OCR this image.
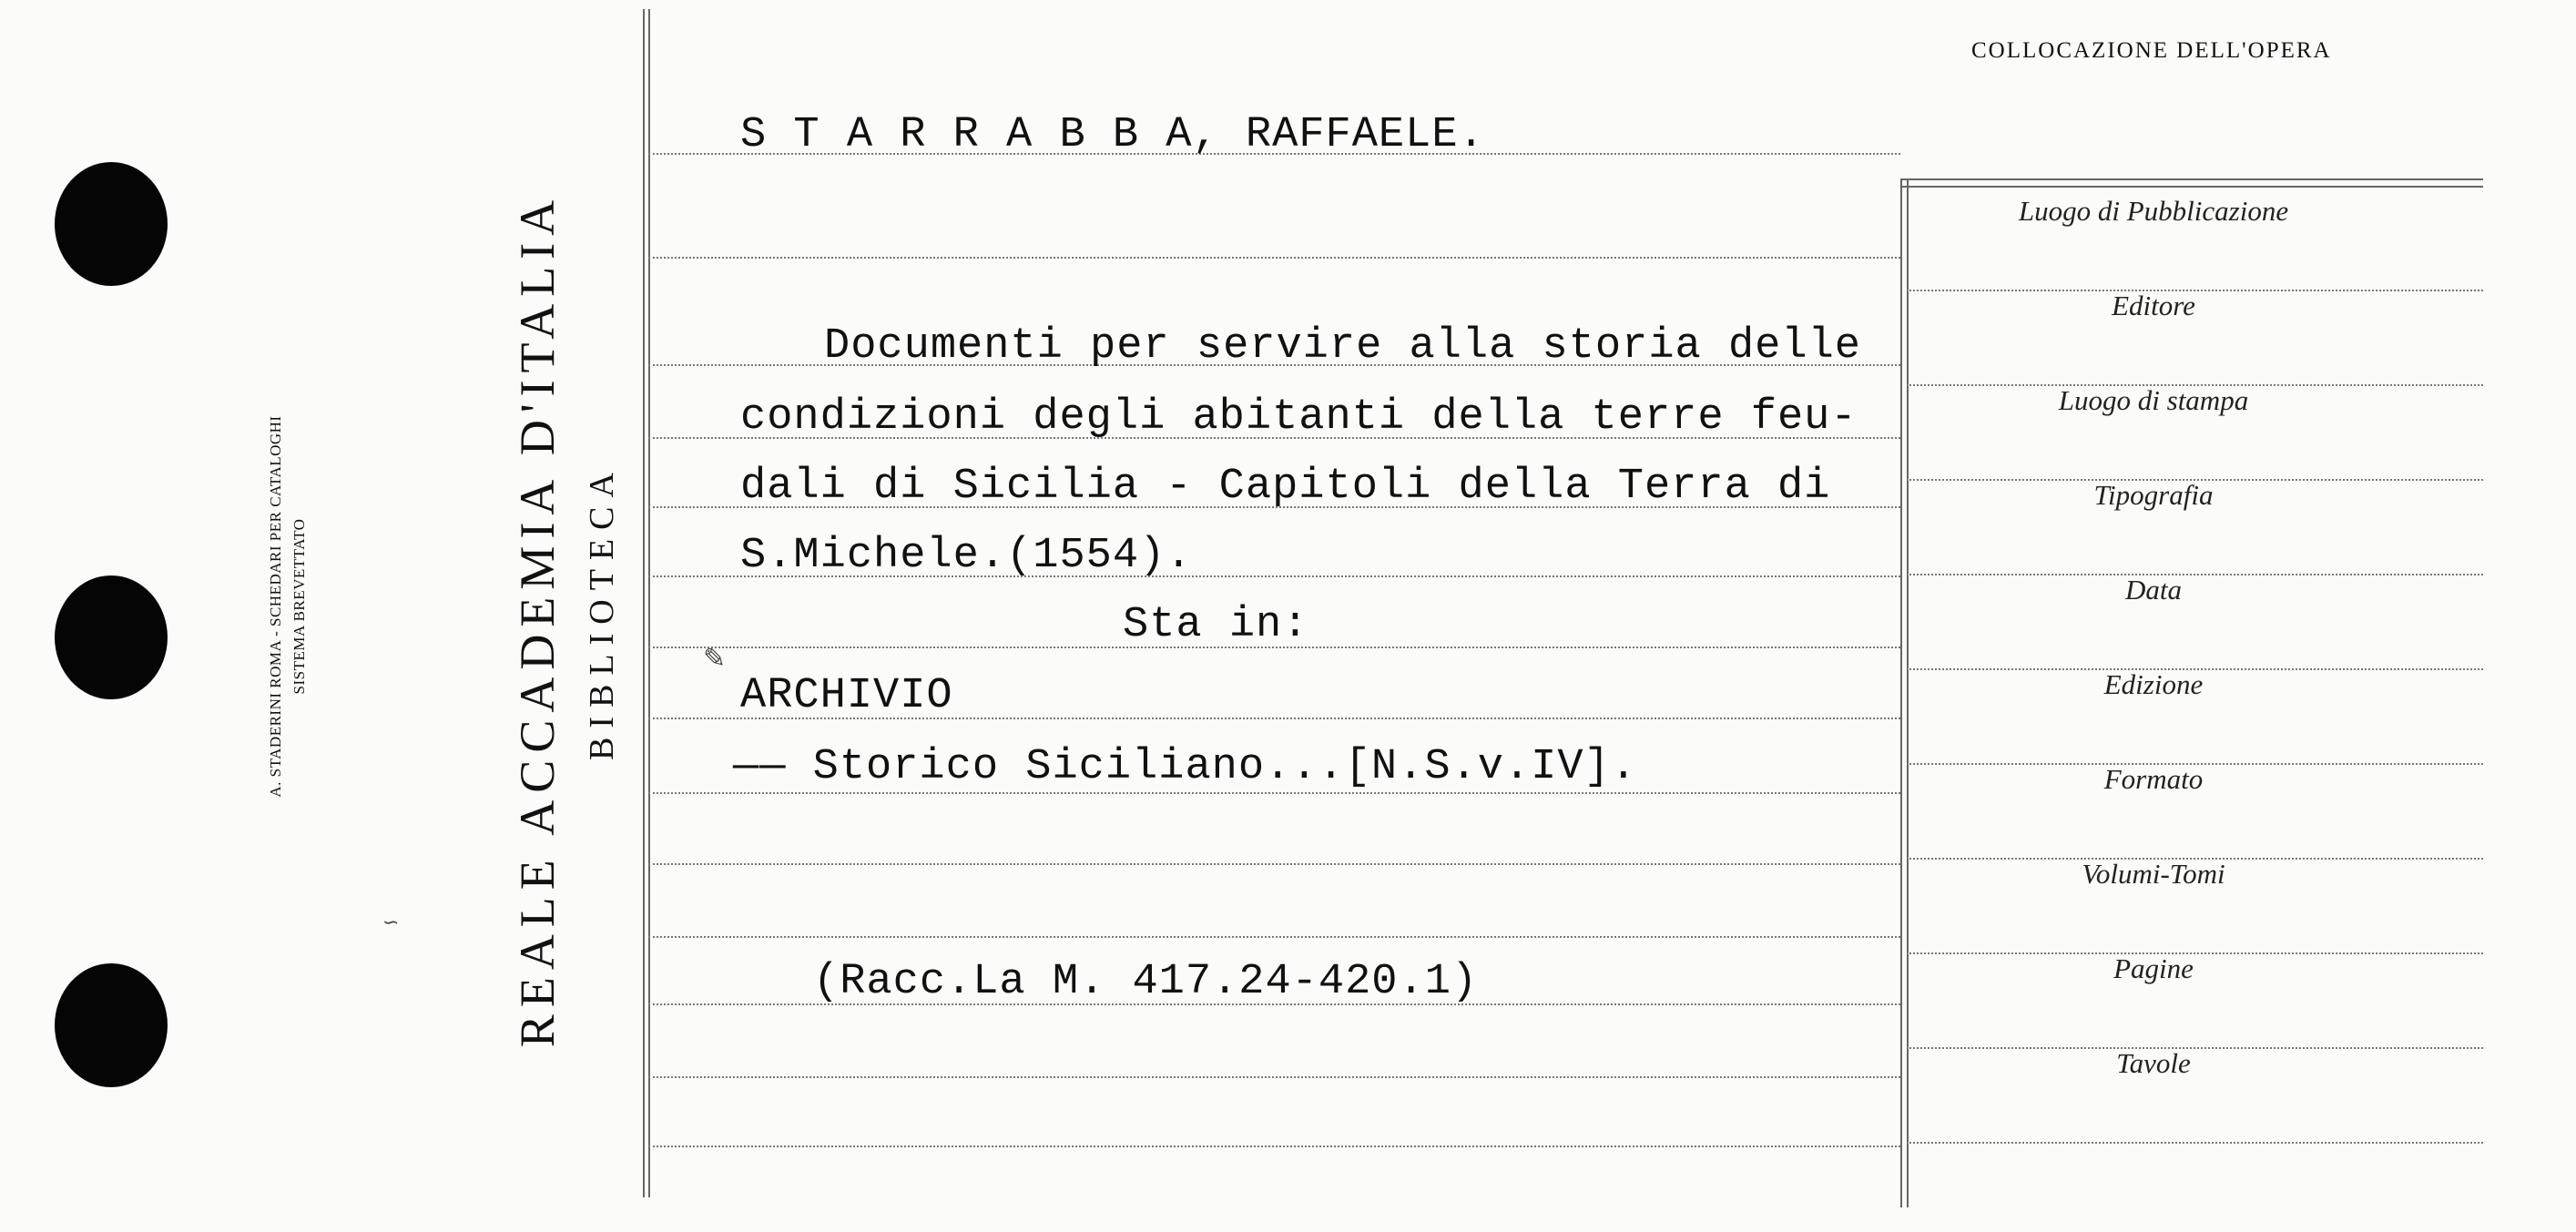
A. STADERINI ROMA - SCHEDARI PER CATALOGHI SISTEMA BREVETTATO	REALE ACCADEMIA D'ITALIA BIBLIOTECA
COLLOCAZIONE DELL'OPERA
S T A R R A B B A, RAFFAELE.
Documenti per servire alla storia delle
condizioni degli abitanti della terre feu-
dali di Sicilia - Capitoli della Terra di
S.Michele.(1554).
Sta in:
ARCHIVIO
—— Storico Siciliano...[N.S.v.IV].
(Racc.La M. 417.24-420.1)
✎
∽
Luogo di Pubblicazione
Editore
Luogo di stampa
Tipografia
Data
Edizione
Formato
Volumi-Tomi
Pagine
Tavole
